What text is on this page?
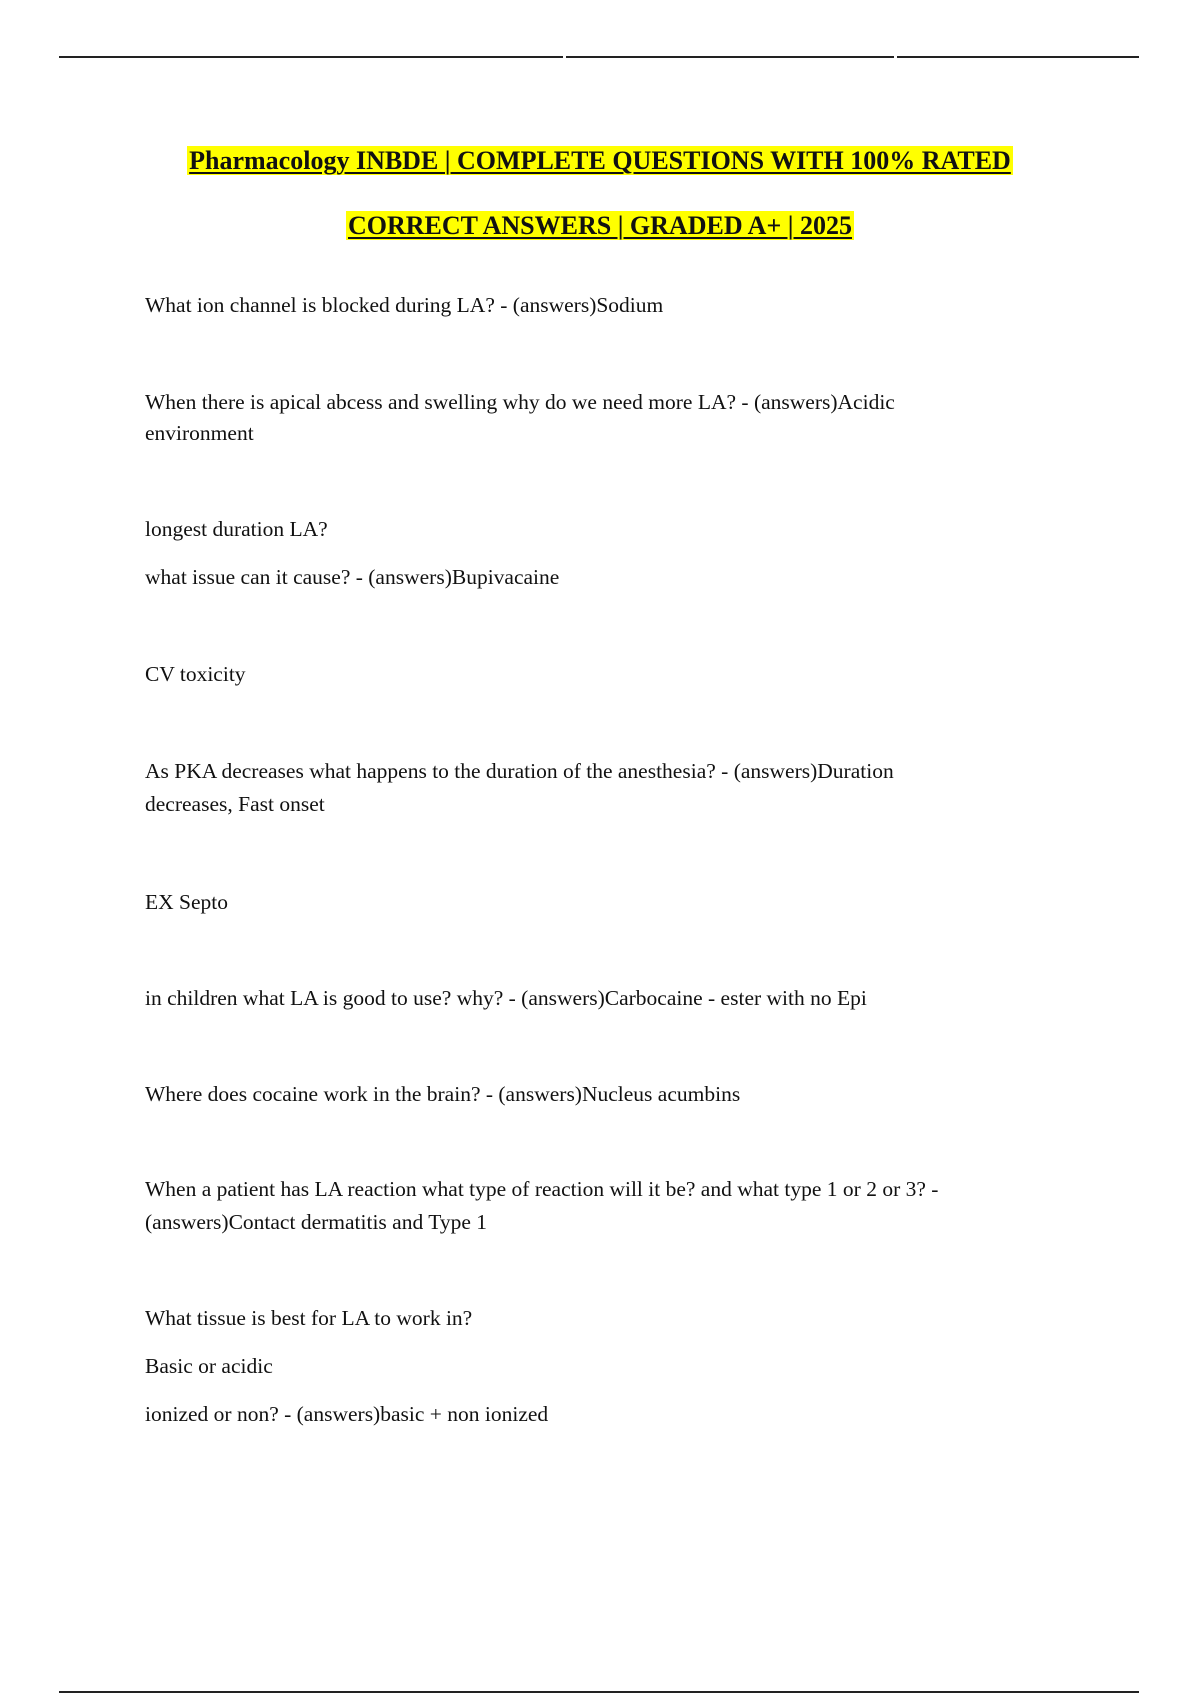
Pharmacology INBDE | COMPLETE QUESTIONS WITH 100% RATED
CORRECT ANSWERS | GRADED A+ | 2025
What ion channel is blocked during LA? - (answers)Sodium
When there is apical abcess and swelling why do we need more LA? - (answers)Acidic
environment
longest duration LA?
what issue can it cause? - (answers)Bupivacaine
CV toxicity
As PKA decreases what happens to the duration of the anesthesia? - (answers)Duration
decreases, Fast onset
EX Septo
in children what LA is good to use? why? - (answers)Carbocaine - ester with no Epi
Where does cocaine work in the brain? - (answers)Nucleus acumbins
When a patient has LA reaction what type of reaction will it be? and what type 1 or 2 or 3? -
(answers)Contact dermatitis and Type 1
What tissue is best for LA to work in?
Basic or acidic
ionized or non? - (answers)basic + non ionized
